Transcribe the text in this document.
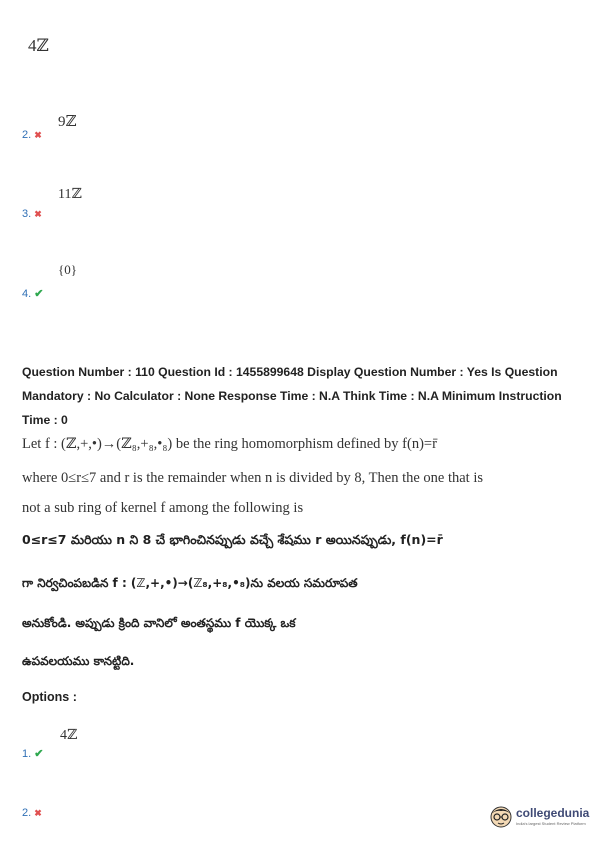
4ℤ
9ℤ
2. ✖
11ℤ
3. ✖
{0}
4. ✔
Question Number : 110 Question Id : 1455899648 Display Question Number : Yes Is Question Mandatory : No Calculator : None Response Time : N.A Think Time : N.A Minimum Instruction Time : 0
Let f : (ℤ,+,•)→(ℤ₈,+₈,•₈) be the ring homomorphism defined by f(n)=r̄
where 0≤r≤7 and r is the remainder when n is divided by 8, Then the one that is
not a sub ring of kernel f among the following is
0≤r≤7 మరియు n ని 8 చే భాగించినప్పుడు వచ్చే శేషము r అయినప్పుడు, f(n)=r̄
గా నిర్వచింపబడిన f : (ℤ,+,•)→(ℤ₈,+₈,•₈)ను వలయ సమరూపత
అనుకోండి. అప్పుడు క్రింది వానిలో అంతస్థము f యొక్క ఒక
ఉపవలయము కానట్టిది.
Options :
4ℤ
1. ✔
2. ✖	collegedunia
India's largest Student Review Platform
